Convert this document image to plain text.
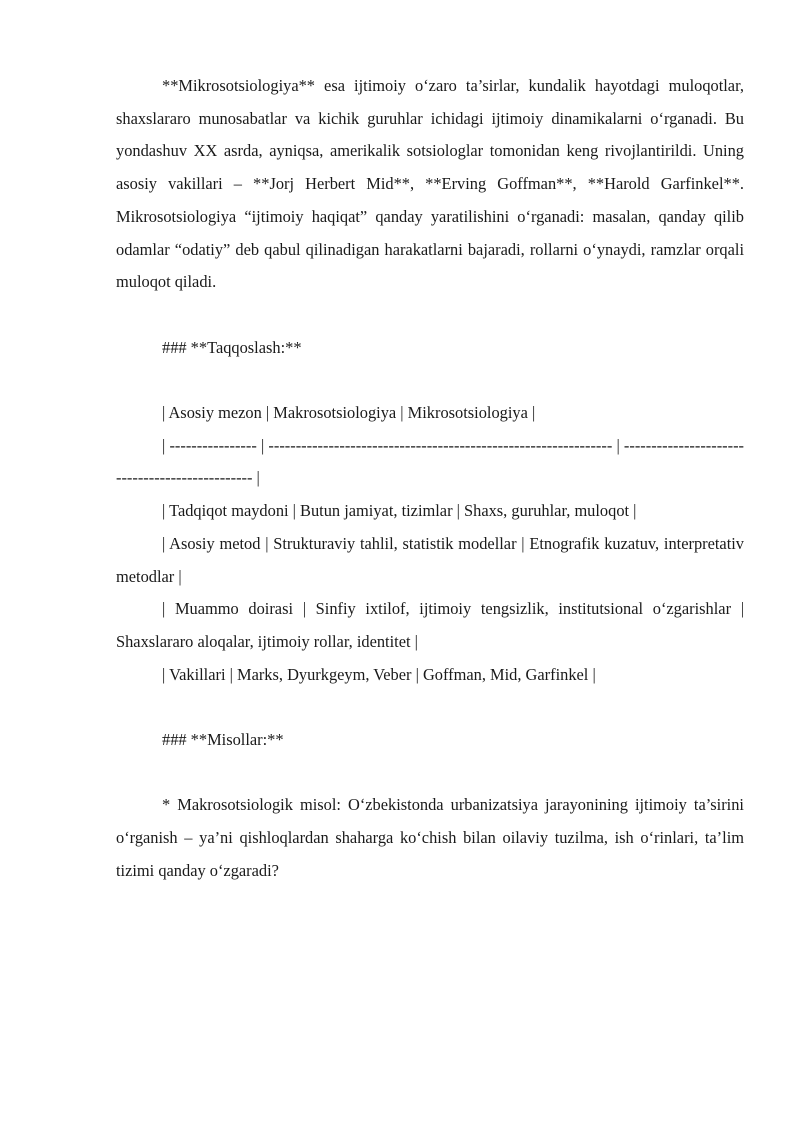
**Mikrosotsiologiya** esa ijtimoiy o‘zaro ta’sirlar, kundalik hayotdagi muloqotlar, shaxslararo munosabatlar va kichik guruhlar ichidagi ijtimoiy dinamikalarni o‘rganadi. Bu yondashuv XX asrda, ayniqsa, amerikalik sotsiologlar tomonidan keng rivojlantirildi. Uning asosiy vakillari – **Jorj Herbert Mid**, **Erving Goffman**, **Harold Garfinkel**. Mikrosotsiologiya “ijtimoiy haqiqat” qanday yaratilishini o‘rganadi: masalan, qanday qilib odamlar “odatiy” deb qabul qilinadigan harakatlarni bajaradi, rollarni o‘ynaydi, ramzlar orqali muloqot qiladi.

### **Taqqoslash:**

| Asosiy mezon | Makrosotsiologiya | Mikrosotsiologiya |

| ---------------- | --------------------------------------------------------------- | ----------------------------------------------- |

| Tadqiqot maydoni | Butun jamiyat, tizimlar | Shaxs, guruhlar, muloqot |

| Asosiy metod | Strukturaviy tahlil, statistik modellar | Etnografik kuzatuv, interpretativ metodlar |

| Muammo doirasi | Sinfiy ixtilof, ijtimoiy tengsizlik, institutsional o‘zgarishlar | Shaxslararo aloqalar, ijtimoiy rollar, identitet |

| Vakillari | Marks, Dyurkgeym, Veber | Goffman, Mid, Garfinkel |

### **Misollar:**

* Makrosotsiologik misol: O‘zbekistonda urbanizatsiya jarayonining ijtimoiy ta’sirini o‘rganish – ya’ni qishloqlardan shaharga ko‘chish bilan oilaviy tuzilma, ish o‘rinlari, ta’lim tizimi qanday o‘zgaradi?
